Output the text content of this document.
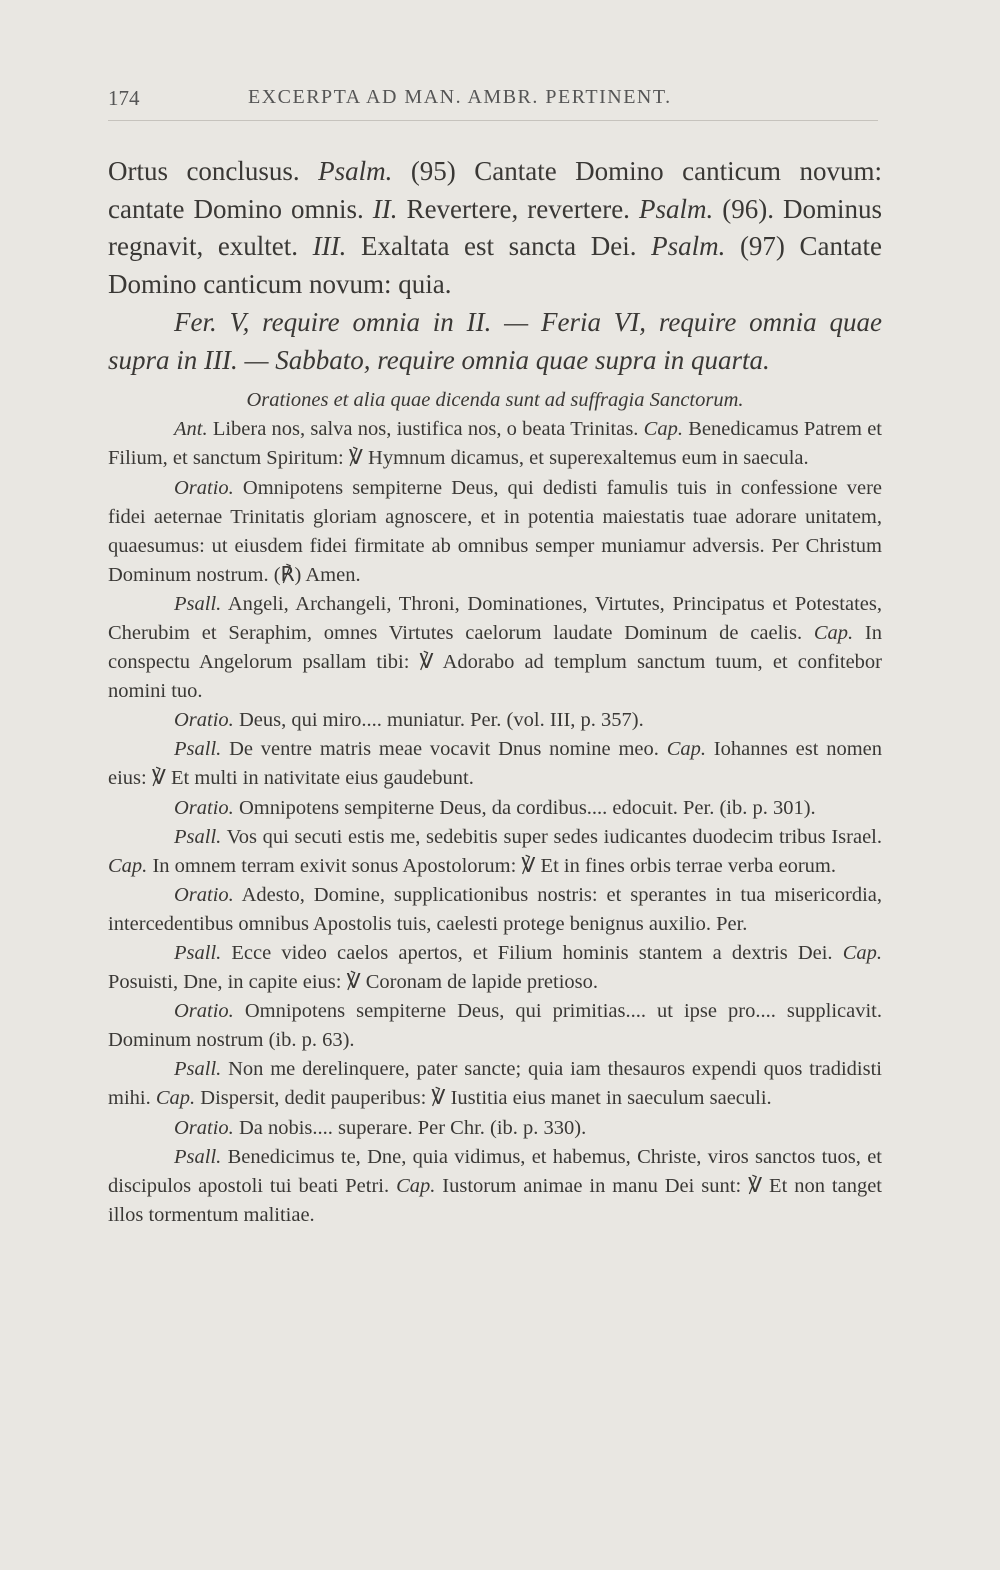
174	EXCERPTA AD MAN. AMBR. PERTINENT.

Ortus conclusus. Psalm. (95) Cantate Domino canticum novum: cantate Domino omnis. II. Revertere, revertere. Psalm. (96). Dominus regnavit, exultet. III. Exaltata est sancta Dei. Psalm. (97) Cantate Domino canticum novum: quia.

Fer. V, require omnia in II. — Feria VI, require omnia quae supra in III. — Sabbato, require omnia quae supra in quarta.

Orationes et alia quae dicenda sunt ad suffragia Sanctorum.

Ant. Libera nos, salva nos, iustifica nos, o beata Trinitas. Cap. Benedicamus Patrem et Filium, et sanctum Spiritum: ℣ Hymnum dicamus, et superexaltemus eum in saecula.

Oratio. Omnipotens sempiterne Deus, qui dedisti famulis tuis in confessione vere fidei aeternae Trinitatis gloriam agnoscere, et in potentia maiestatis tuae adorare unitatem, quaesumus: ut eiusdem fidei firmitate ab omnibus semper muniamur adversis. Per Christum Dominum nostrum. (℟) Amen.

Psall. Angeli, Archangeli, Throni, Dominationes, Virtutes, Principatus et Potestates, Cherubim et Seraphim, omnes Virtutes caelorum laudate Dominum de caelis. Cap. In conspectu Angelorum psallam tibi: ℣ Adorabo ad templum sanctum tuum, et confitebor nomini tuo.

Oratio. Deus, qui miro.... muniatur. Per. (vol. III, p. 357).

Psall. De ventre matris meae vocavit Dnus nomine meo. Cap. Iohannes est nomen eius: ℣ Et multi in nativitate eius gaudebunt.

Oratio. Omnipotens sempiterne Deus, da cordibus.... edocuit. Per. (ib. p. 301).

Psall. Vos qui secuti estis me, sedebitis super sedes iudicantes duodecim tribus Israel. Cap. In omnem terram exivit sonus Apostolorum: ℣ Et in fines orbis terrae verba eorum.

Oratio. Adesto, Domine, supplicationibus nostris: et sperantes in tua misericordia, intercedentibus omnibus Apostolis tuis, caelesti protege benignus auxilio. Per.

Psall. Ecce video caelos apertos, et Filium hominis stantem a dextris Dei. Cap. Posuisti, Dne, in capite eius: ℣ Coronam de lapide pretioso.

Oratio. Omnipotens sempiterne Deus, qui primitias.... ut ipse pro.... supplicavit. Dominum nostrum (ib. p. 63).

Psall. Non me derelinquere, pater sancte; quia iam thesauros expendi quos tradidisti mihi. Cap. Dispersit, dedit pauperibus: ℣ Iustitia eius manet in saeculum saeculi.

Oratio. Da nobis.... superare. Per Chr. (ib. p. 330).

Psall. Benedicimus te, Dne, quia vidimus, et habemus, Christe, viros sanctos tuos, et discipulos apostoli tui beati Petri. Cap. Iustorum animae in manu Dei sunt: ℣ Et non tanget illos tormentum malitiae.
